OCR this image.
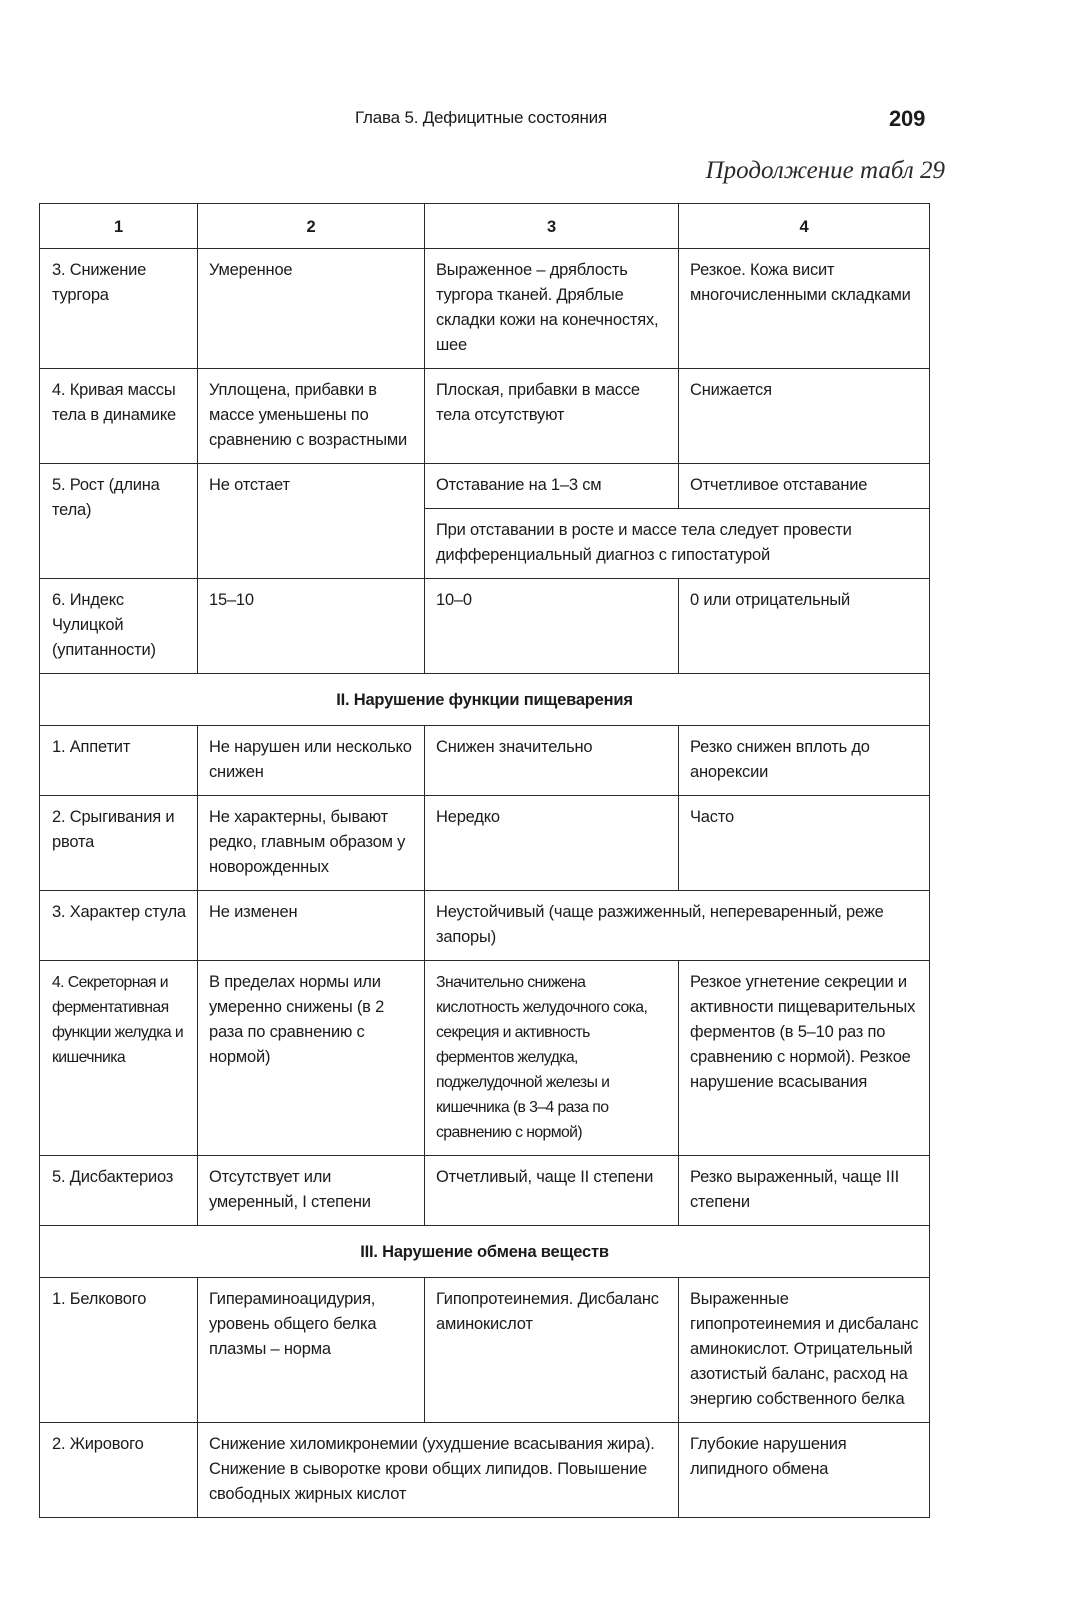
Глава 5. Дефицитные состояния	209
Продолжение табл 29
1	2	3	4
3. Снижение тургора	Умеренное	Выраженное – дряблость тургора тканей. Дряблые складки кожи на конечностях, шее	Резкое. Кожа висит многочисленными складками
4. Кривая массы тела в динамике	Уплощена, прибавки в массе уменьшены по сравнению с возрастными	Плоская, прибавки в массе тела отсутствуют	Снижается
5. Рост (длина тела)	Не отстает	Отставание на 1–3 см	Отчетливое отставание
		При отставании в росте и массе тела следует провести дифференциальный диагноз с гипостатурой	
6. Индекс Чулицкой (упитанности)	15–10	10–0	0 или отрицательный
II. Нарушение функции пищеварения			
1. Аппетит	Не нарушен или несколько снижен	Снижен значительно	Резко снижен вплоть до анорексии
2. Срыгивания и рвота	Не характерны, бывают редко, главным образом у новорожденных	Нередко	Часто
3. Характер стула	Не изменен	Неустойчивый (чаще разжиженный, непереваренный, реже запоры)	
4. Секреторная и ферментативная функции желудка и кишечника	В пределах нормы или умеренно снижены (в 2 раза по сравнению с нормой)	Значительно снижена кислотность желудочного сока, секреция и активность ферментов желудка, поджелудочной железы и кишечника (в 3–4 раза по сравнению с нормой)	Резкое угнетение секреции и активности пищеварительных ферментов (в 5–10 раз по сравнению с нормой). Резкое нарушение всасывания
5. Дисбактериоз	Отсутствует или умеренный, I степени	Отчетливый, чаще II степени	Резко выраженный, чаще III степени
III. Нарушение обмена веществ			
1. Белкового	Гипераминоацидурия, уровень общего белка плазмы – норма	Гипопротеинемия. Дисбаланс аминокислот	Выраженные гипопротеинемия и дисбаланс аминокислот. Отрицательный азотистый баланс, расход на энергию собственного белка
2. Жирового	Снижение хиломикронемии (ухудшение всасывания жира). Снижение в сыворотке крови общих липидов. Повышение свободных жирных кислот		Глубокие нарушения липидного обмена
